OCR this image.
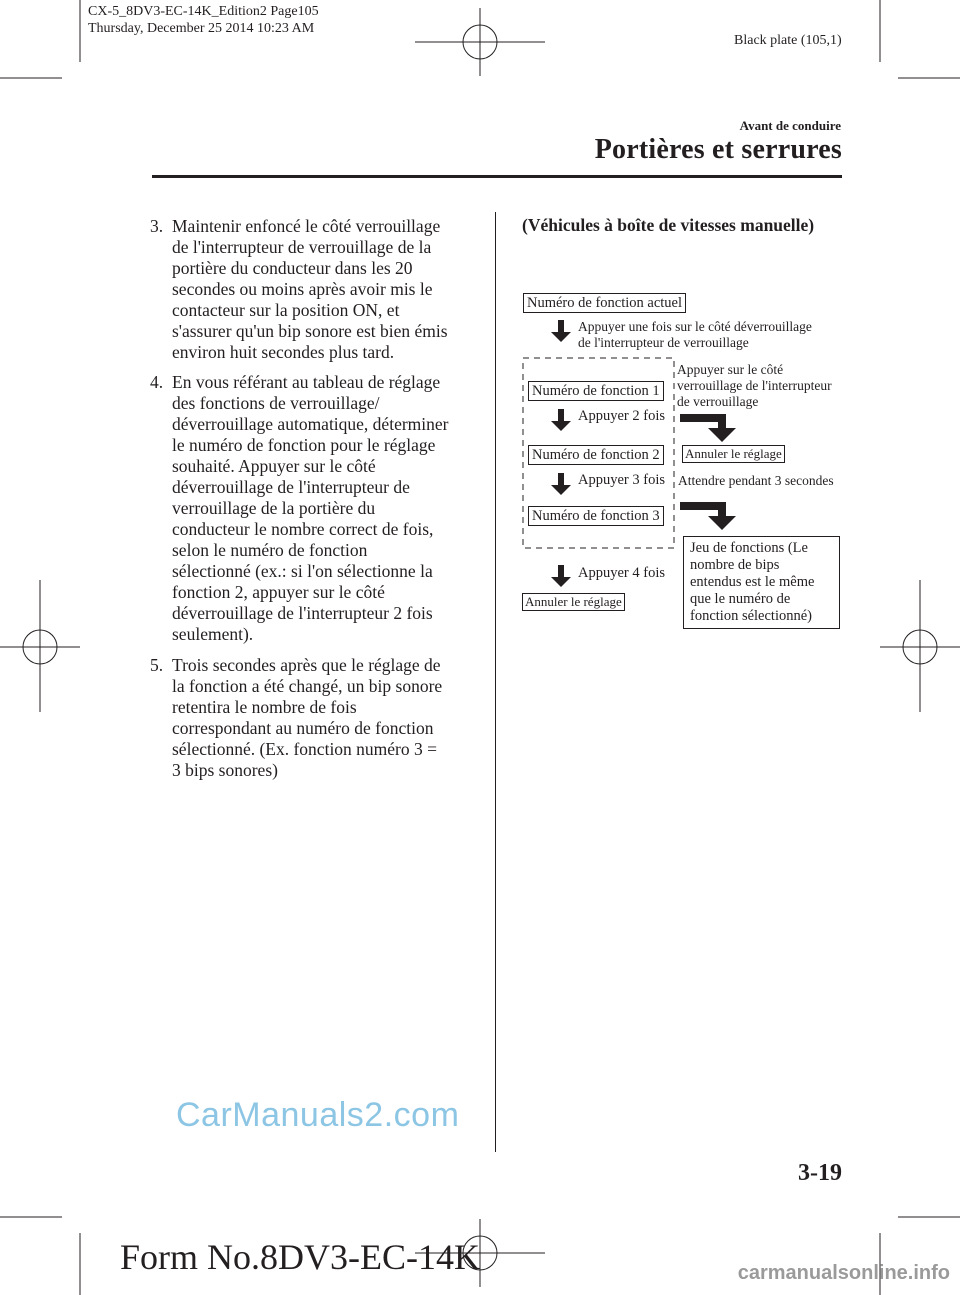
CX-5_8DV3-EC-14K_Edition2 Page105
Thursday, December 25 2014 10:23 AM
Black plate (105,1)
Avant de conduire
Portières et serrures
3. Maintenir enfoncé le côté verrouillage
de l'interrupteur de verrouillage de la
portière du conducteur dans les 20
secondes ou moins après avoir mis le
contacteur sur la position ON, et
s'assurer qu'un bip sonore est bien émis
environ huit secondes plus tard.
4. En vous référant au tableau de réglage
des fonctions de verrouillage/
déverrouillage automatique, déterminer
le numéro de fonction pour le réglage
souhaité. Appuyer sur le côté
déverrouillage de l'interrupteur de
verrouillage de la portière du
conducteur le nombre correct de fois,
selon le numéro de fonction
sélectionné (ex.: si l'on sélectionne la
fonction 2, appuyer sur le côté
déverrouillage de l'interrupteur 2 fois
seulement).
5. Trois secondes après que le réglage de
la fonction a été changé, un bip sonore
retentira le nombre de fois
correspondant au numéro de fonction
sélectionné. (Ex. fonction numéro 3 =
3 bips sonores)
(Véhicules à boîte de vitesses manuelle)
Numéro de fonction actuel
Appuyer une fois sur le côté déverrouillage
de l'interrupteur de verrouillage
Numéro de fonction 1
Appuyer 2 fois
Numéro de fonction 2
Appuyer 3 fois
Numéro de fonction 3
Appuyer 4 fois
Annuler le réglage
Appuyer sur le côté
verrouillage de l'interrupteur
de verrouillage
Annuler le réglage
Attendre pendant 3 secondes
Jeu de fonctions (Le
nombre de bips
entendus est le même
que le numéro de
fonction sélectionné)
3-19
CarManuals2.com
Form No.8DV3-EC-14K	carmanualsonline.info
